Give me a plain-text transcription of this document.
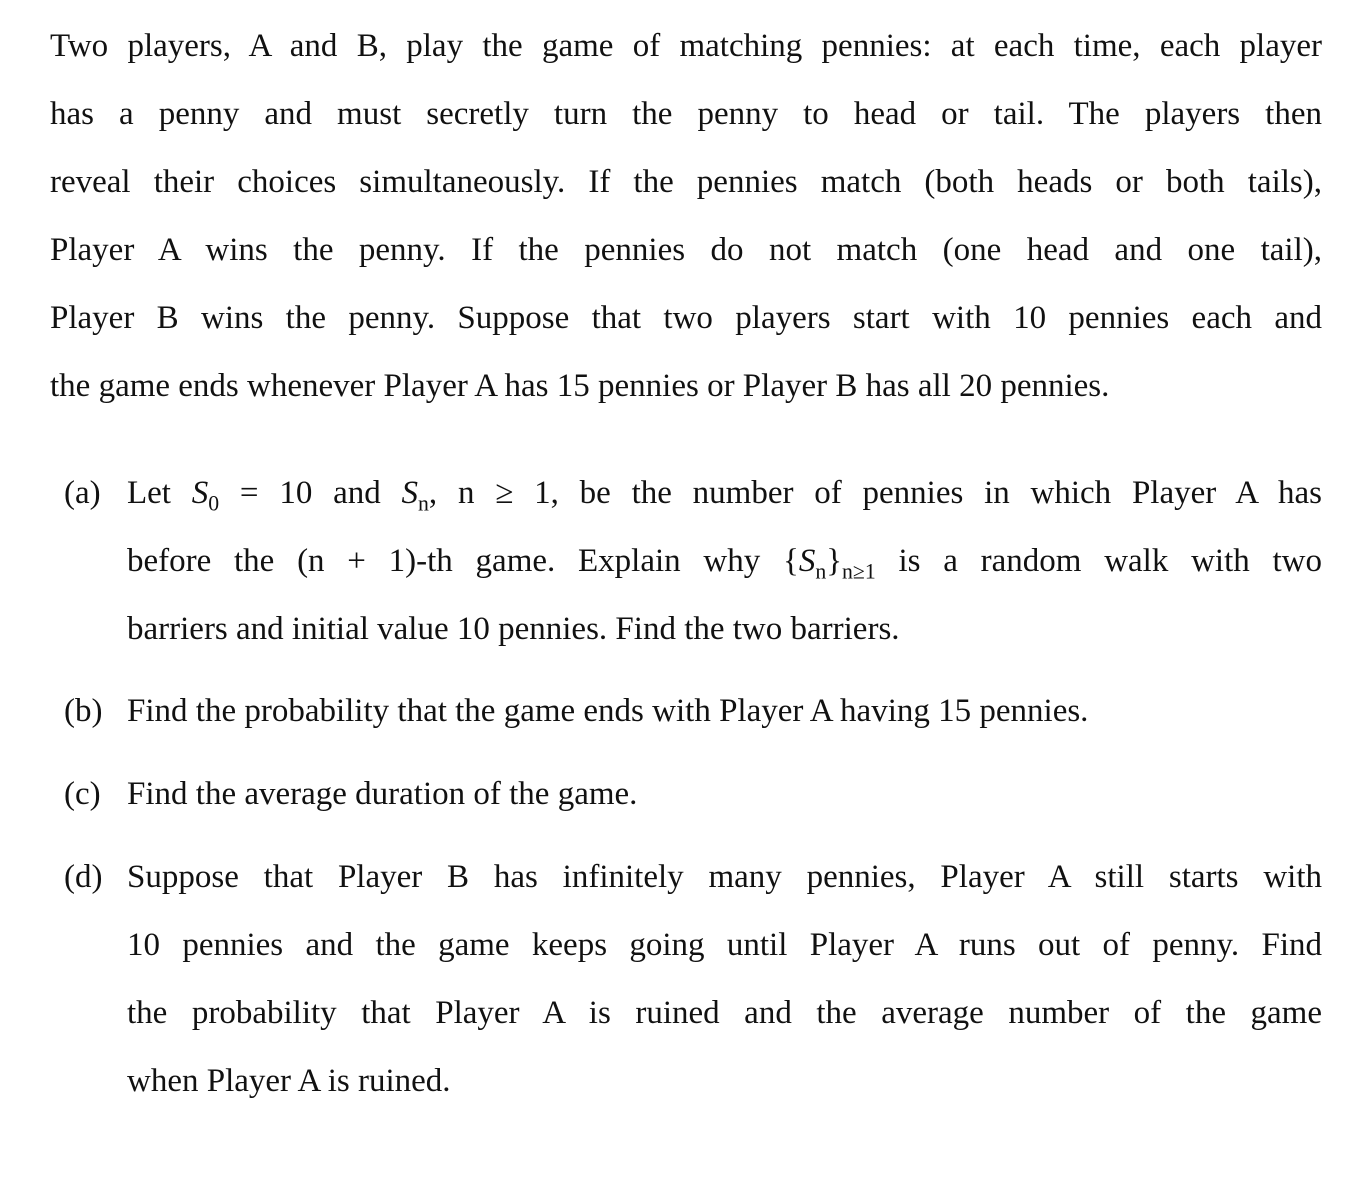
Two players, A and B, play the game of matching pennies: at each time, each player
has a penny and must secretly turn the penny to head or tail. The players then
reveal their choices simultaneously. If the pennies match (both heads or both tails),
Player A wins the penny. If the pennies do not match (one head and one tail),
Player B wins the penny. Suppose that two players start with 10 pennies each and
the game ends whenever Player A has 15 pennies or Player B has all 20 pennies.
(a) Let $S_0 = 10$ and $S_n$, n ≥ 1, be the number of pennies in which Player A has
before the (n + 1)-th game. Explain why $\{S_n\}_{n\ge 1}$ is a random walk with two
barriers and initial value 10 pennies. Find the two barriers.
(b) Find the probability that the game ends with Player A having 15 pennies.
(c) Find the average duration of the game.
(d) Suppose that Player B has infinitely many pennies, Player A still starts with
10 pennies and the game keeps going until Player A runs out of penny. Find
the probability that Player A is ruined and the average number of the game
when Player A is ruined.
